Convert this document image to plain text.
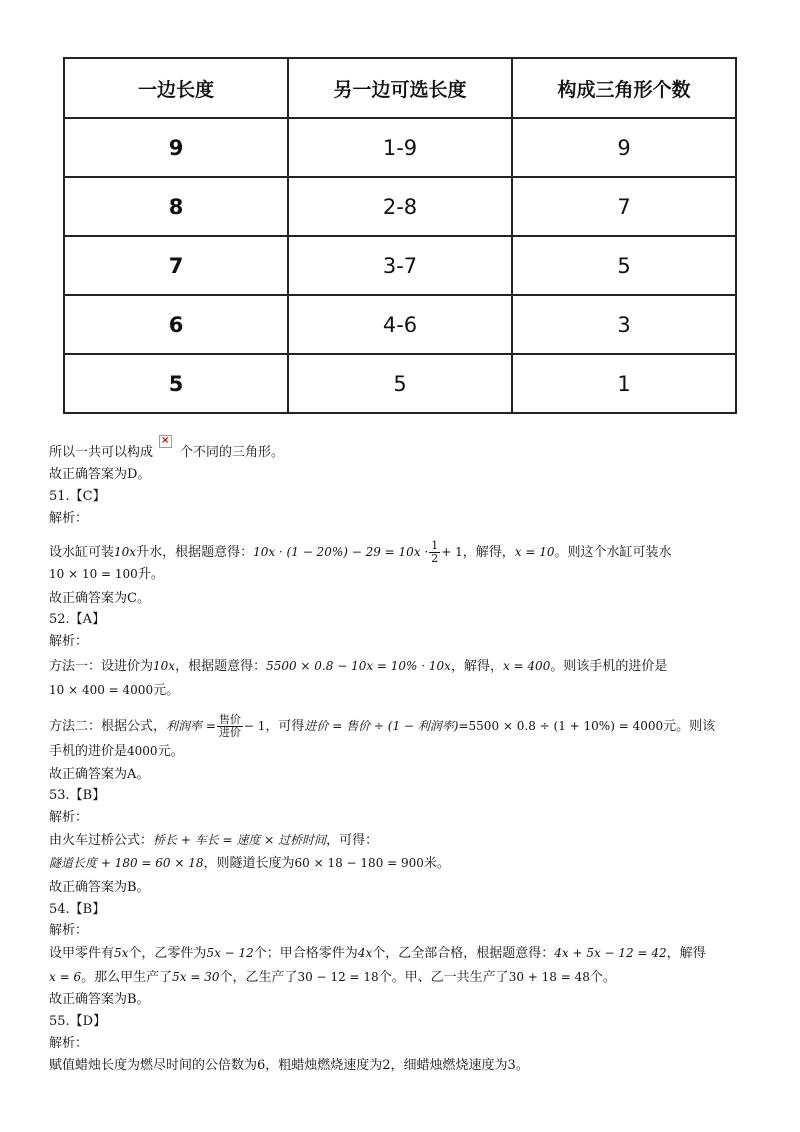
一边长度	另一边可选长度	构成三角形个数
9	1-9	9
8	2-8	7
7	3-7	5
6	4-6	3
5	5	1
所以一共可以构成× 个不同的三角形。
故正确答案为D。
51.【C】
解析：
设水缸可装10x升水，根据题意得：$10x \cdot (1 - 20\%) - 29 = 10x \cdot \frac{1}{2} + 1$，解得，x = 10。则这个水缸可装水
10 × 10 = 100升。
故正确答案为C。
52.【A】
解析：
方法一：设进价为10x，根据题意得：5500 × 0.8 − 10x = 10% · 10x，解得，x = 400。则该手机的进价是
10 × 400 = 4000元。
方法二：根据公式，利润率 = $\frac{\text{售价}}{\text{进价}} - 1$，可得进价 = 售价 ÷ (1 − 利润率)=5500 × 0.8 ÷ (1 + 10%) = 4000元。则该
手机的进价是4000元。
故正确答案为A。
53.【B】
解析：
由火车过桥公式：桥长 + 车长 = 速度 × 过桥时间，可得：
隧道长度 + 180 = 60 × 18，则隧道长度为60 × 18 − 180 = 900米。
故正确答案为B。
54.【B】
解析：
设甲零件有5x个，乙零件为5x − 12个；甲合格零件为4x个，乙全部合格，根据题意得：4x + 5x − 12 = 42，解得
x = 6。那么甲生产了5x = 30个，乙生产了30 − 12 = 18个。甲、乙一共生产了30 + 18 = 48个。
故正确答案为B。
55.【D】
解析：
赋值蜡烛长度为燃尽时间的公倍数为6，粗蜡烛燃烧速度为2，细蜡烛燃烧速度为3。
